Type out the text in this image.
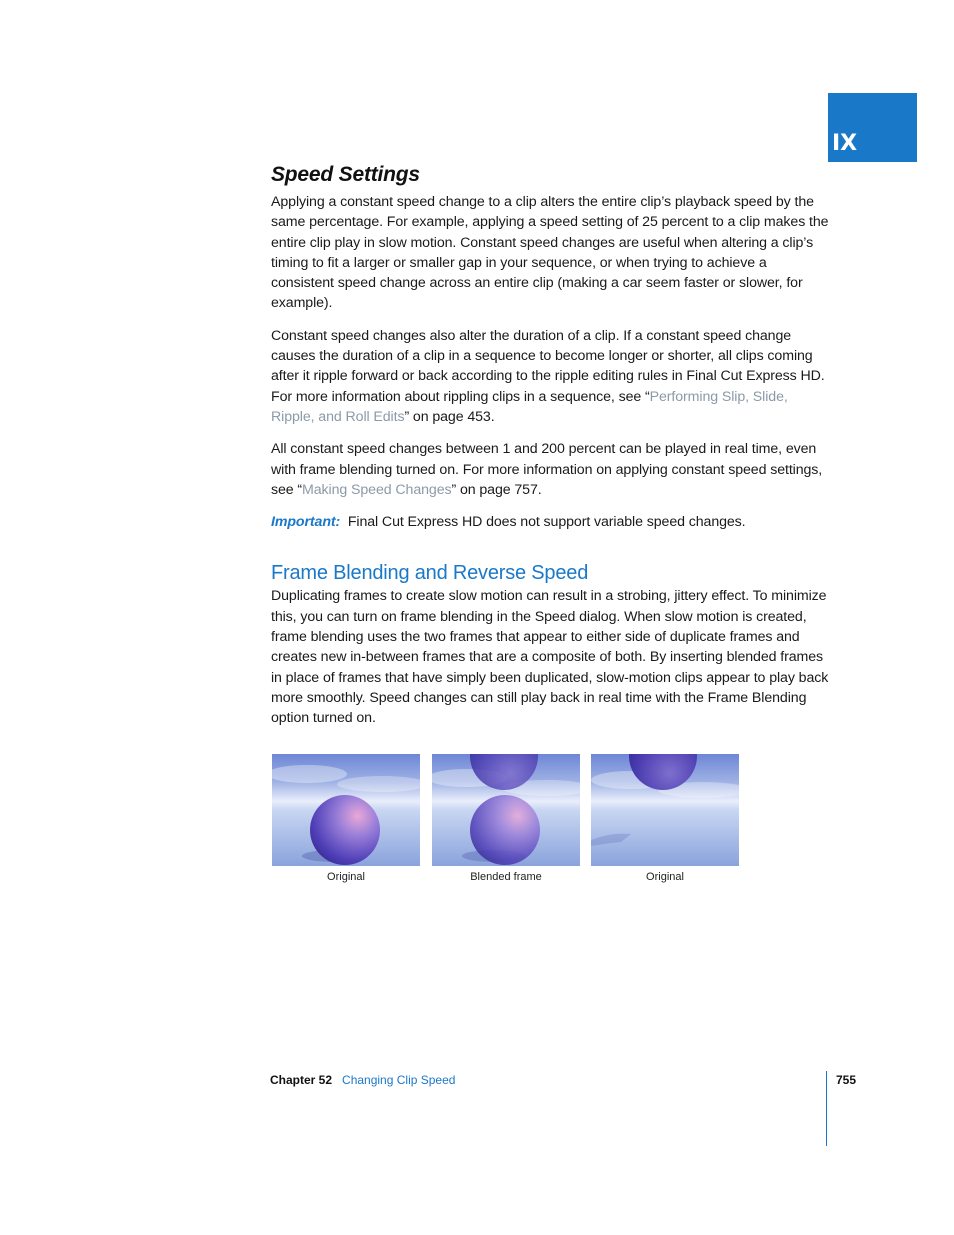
IX
Speed Settings

Applying a constant speed change to a clip alters the entire clip’s playback speed by the same percentage. For example, applying a speed setting of 25 percent to a clip makes the entire clip play in slow motion. Constant speed changes are useful when altering a clip’s timing to fit a larger or smaller gap in your sequence, or when trying to achieve a consistent speed change across an entire clip (making a car seem faster or slower, for example).

Constant speed changes also alter the duration of a clip. If a constant speed change causes the duration of a clip in a sequence to become longer or shorter, all clips coming after it ripple forward or back according to the ripple editing rules in Final Cut Express HD. For more information about rippling clips in a sequence, see “Performing Slip, Slide, Ripple, and Roll Edits” on page 453.

All constant speed changes between 1 and 200 percent can be played in real time, even with frame blending turned on. For more information on applying constant speed settings, see “Making Speed Changes” on page 757.

Important: Final Cut Express HD does not support variable speed changes.

Frame Blending and Reverse Speed

Duplicating frames to create slow motion can result in a strobing, jittery effect. To minimize this, you can turn on frame blending in the Speed dialog. When slow motion is created, frame blending uses the two frames that appear to either side of duplicate frames and creates new in-between frames that are a composite of both. By inserting blended frames in place of frames that have simply been duplicated, slow-motion clips appear to play back more smoothly. Speed changes can still play back in real time with the Frame Blending option turned on.

Original	Blended frame	Original
Chapter 52 Changing Clip Speed	755
